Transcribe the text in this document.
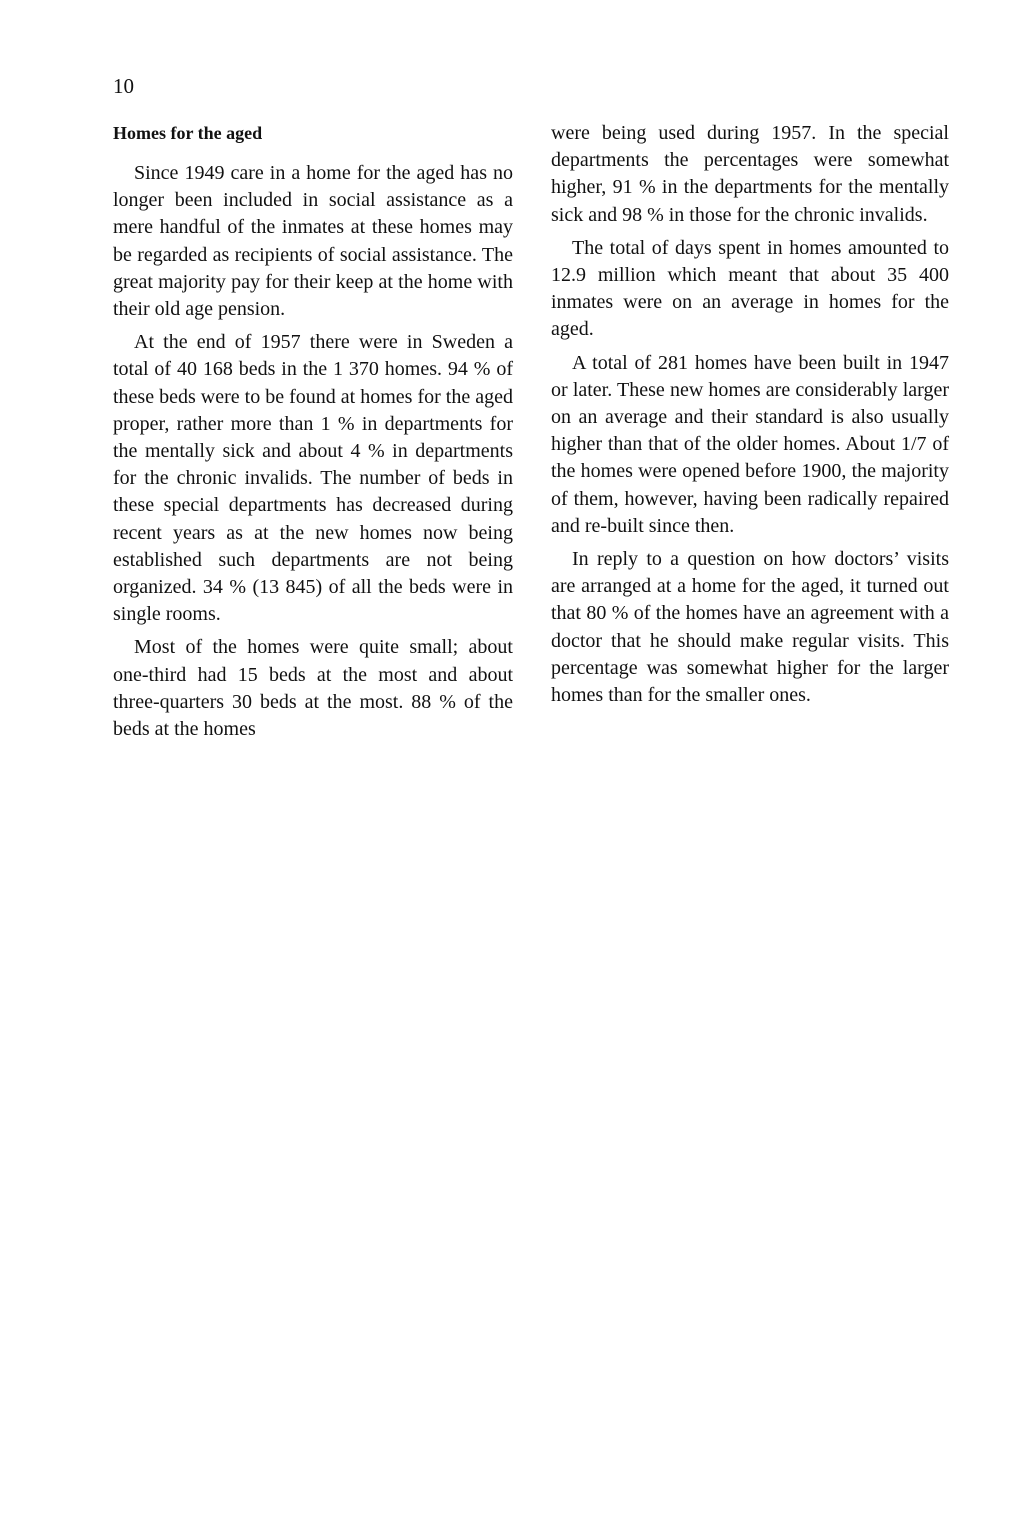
10
Homes for the aged

Since 1949 care in a home for the aged has no longer been included in social assistance as a mere handful of the inmates at these homes may be regarded as recipients of social assistance. The great majority pay for their keep at the home with their old age pension.

At the end of 1957 there were in Sweden a total of 40 168 beds in the 1 370 homes. 94 % of these beds were to be found at homes for the aged proper, rather more than 1 % in departments for the mentally sick and about 4 % in departments for the chronic invalids. The number of beds in these special departments has decreased during recent years as at the new homes now being established such departments are not being organized. 34 % (13 845) of all the beds were in single rooms.

Most of the homes were quite small; about one-third had 15 beds at the most and about three-quarters 30 beds at the most. 88 % of the beds at the homes

were being used during 1957. In the special departments the percentages were somewhat higher, 91 % in the departments for the mentally sick and 98 % in those for the chronic invalids.

The total of days spent in homes amounted to 12.9 million which meant that about 35 400 inmates were on an average in homes for the aged.

A total of 281 homes have been built in 1947 or later. These new homes are considerably larger on an average and their standard is also usually higher than that of the older homes. About 1/7 of the homes were opened before 1900, the majority of them, however, having been radically repaired and re-built since then.

In reply to a question on how doctors’ visits are arranged at a home for the aged, it turned out that 80 % of the homes have an agreement with a doctor that he should make regular visits. This percentage was somewhat higher for the larger homes than for the smaller ones.
